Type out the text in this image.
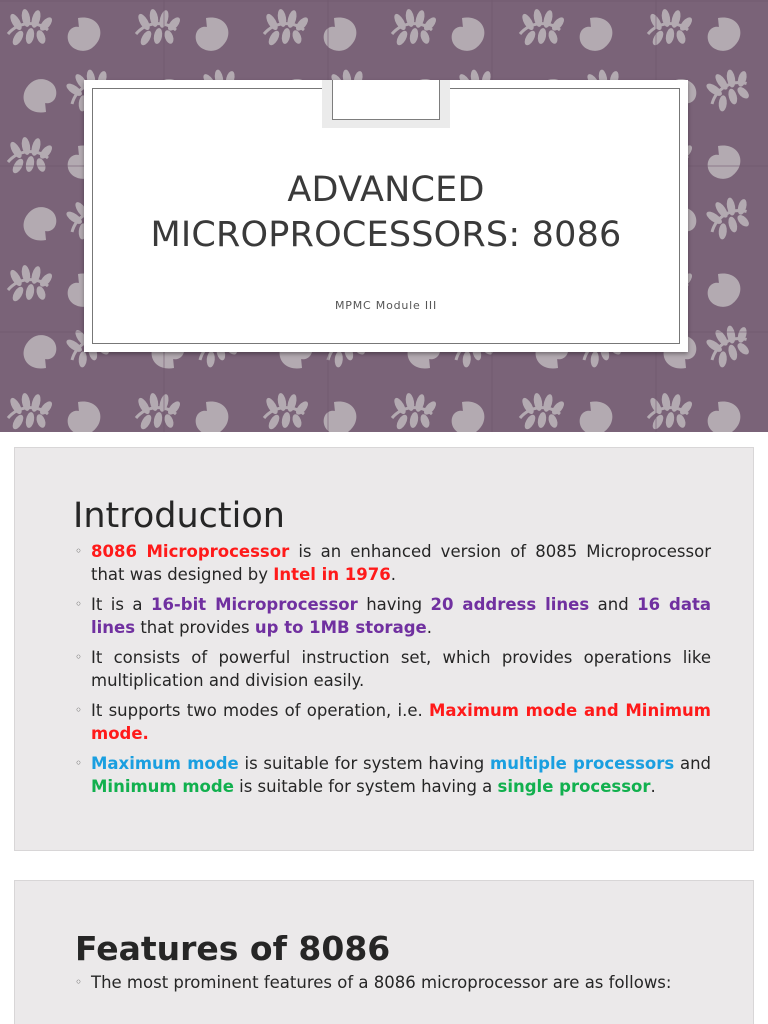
ADVANCED
MICROPROCESSORS: 8086
MPMC Module III
Introduction
◦ 8086 Microprocessor is an enhanced version of 8085 Microprocessor that was designed by Intel in 1976.
◦ It is a 16-bit Microprocessor having 20 address lines and 16 data lines that provides up to 1MB storage.
◦ It consists of powerful instruction set, which provides operations like multiplication and division easily.
◦ It supports two modes of operation, i.e. Maximum mode and Minimum mode.
◦ Maximum mode is suitable for system having multiple processors and Minimum mode is suitable for system having a single processor.
Features of 8086
◦ The most prominent features of a 8086 microprocessor are as follows:
